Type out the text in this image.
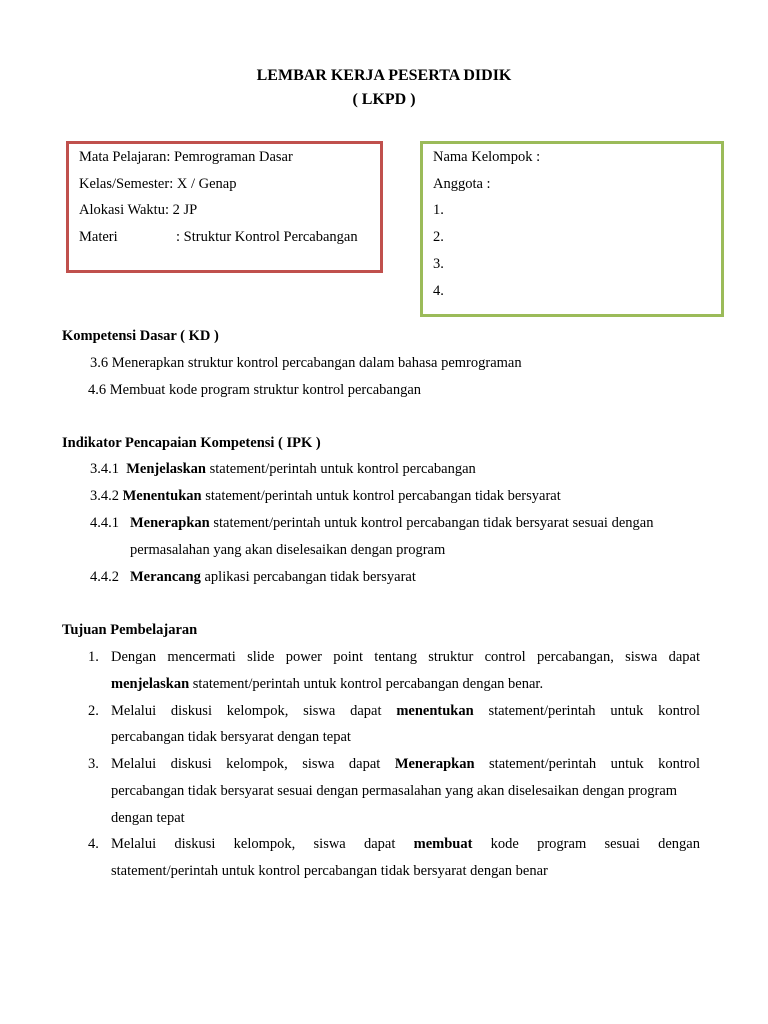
LEMBAR KERJA PESERTA DIDIK
( LKPD )
Mata Pelajaran: Pemrograman Dasar
Kelas/Semester: X / Genap
Alokasi Waktu: 2 JP
Materi	: Struktur Kontrol Percabangan
Nama Kelompok :
Anggota :
1.
2.
3.
4.
Kompetensi Dasar ( KD )
3.6 Menerapkan struktur kontrol percabangan dalam bahasa pemrograman
4.6 Membuat kode program struktur kontrol percabangan
Indikator Pencapaian Kompetensi ( IPK )
3.4.1 Menjelaskan statement/perintah untuk kontrol percabangan
3.4.2 Menentukan statement/perintah untuk kontrol percabangan tidak bersyarat
4.4.1 Menerapkan statement/perintah untuk kontrol percabangan tidak bersyarat sesuai dengan
permasalahan yang akan diselesaikan dengan program
4.4.2 Merancang aplikasi percabangan tidak bersyarat
Tujuan Pembelajaran
1. Dengan mencermati slide power point tentang struktur control percabangan, siswa dapat
menjelaskan statement/perintah untuk kontrol percabangan dengan benar.
2. Melalui diskusi kelompok, siswa dapat menentukan statement/perintah untuk kontrol
percabangan tidak bersyarat dengan tepat
3. Melalui diskusi kelompok, siswa dapat Menerapkan statement/perintah untuk kontrol
percabangan tidak bersyarat sesuai dengan permasalahan yang akan diselesaikan dengan program
dengan tepat
4. Melalui diskusi kelompok, siswa dapat membuat kode program sesuai dengan
statement/perintah untuk kontrol percabangan tidak bersyarat dengan benar
